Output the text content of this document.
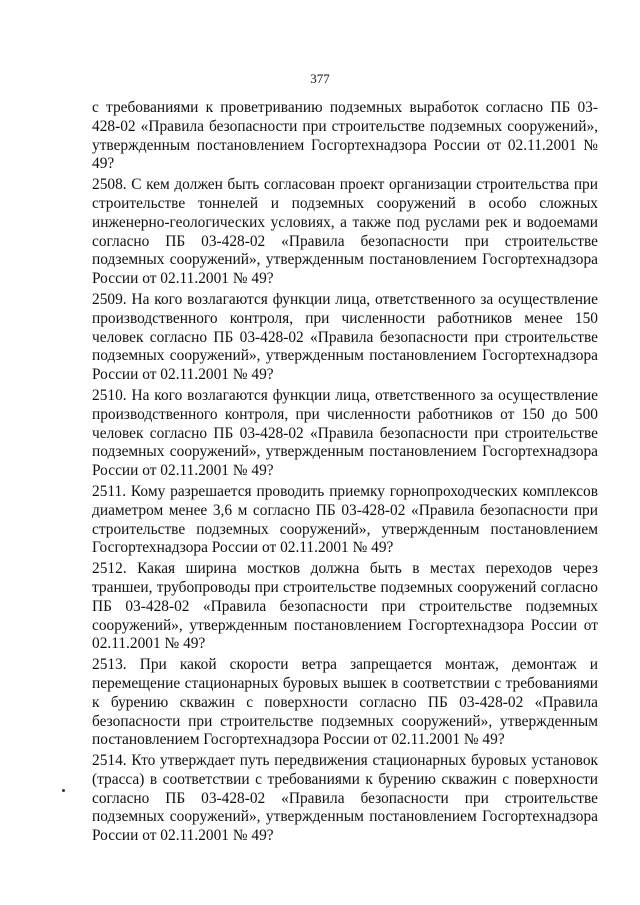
377

с требованиями к проветриванию подземных выработок согласно ПБ 03-428-02 «Правила безопасности при строительстве подземных сооружений», утвержденным постановлением Госгортехнадзора России от 02.11.2001 № 49?

2508. С кем должен быть согласован проект организации строительства при строительстве тоннелей и подземных сооружений в особо сложных инженерно-геологических условиях, а также под руслами рек и водоемами согласно ПБ 03-428-02 «Правила безопасности при строительстве подземных сооружений», утвержденным постановлением Госгортехнадзора России от 02.11.2001 № 49?

2509. На кого возлагаются функции лица, ответственного за осуществление производственного контроля, при численности работников менее 150 человек согласно ПБ 03-428-02 «Правила безопасности при строительстве подземных сооружений», утвержденным постановлением Госгортехнадзора России от 02.11.2001 № 49?

2510. На кого возлагаются функции лица, ответственного за осуществление производственного контроля, при численности работников от 150 до 500 человек согласно ПБ 03-428-02 «Правила безопасности при строительстве подземных сооружений», утвержденным постановлением Госгортехнадзора России от 02.11.2001 № 49?

2511. Кому разрешается проводить приемку горнопроходческих комплексов диаметром менее 3,6 м согласно ПБ 03-428-02 «Правила безопасности при строительстве подземных сооружений», утвержденным постановлением Госгортехнадзора России от 02.11.2001 № 49?

2512. Какая ширина мостков должна быть в местах переходов через траншеи, трубопроводы при строительстве подземных сооружений согласно ПБ 03-428-02 «Правила безопасности при строительстве подземных сооружений», утвержденным постановлением Госгортехнадзора России от 02.11.2001 № 49?

2513. При какой скорости ветра запрещается монтаж, демонтаж и перемещение стационарных буровых вышек в соответствии с требованиями к бурению скважин с поверхности согласно ПБ 03-428-02 «Правила безопасности при строительстве подземных сооружений», утвержденным постановлением Госгортехнадзора России от 02.11.2001 № 49?

2514. Кто утверждает путь передвижения стационарных буровых установок (трасса) в соответствии с требованиями к бурению скважин с поверхности согласно ПБ 03-428-02 «Правила безопасности при строительстве подземных сооружений», утвержденным постановлением Госгортехнадзора России от 02.11.2001 № 49?
